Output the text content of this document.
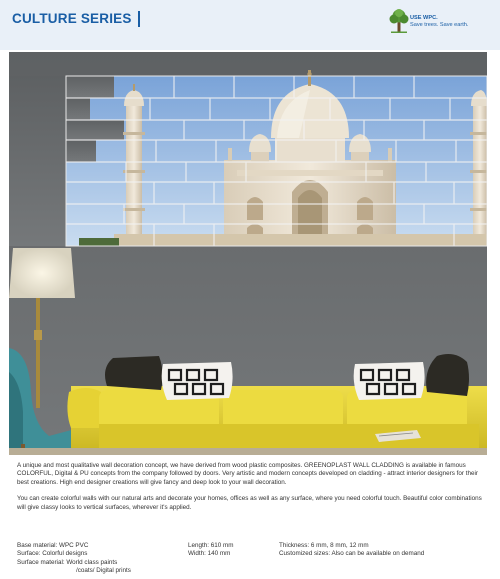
CULTURE SERIES	USE WPC.
Save trees. Save earth.

A unique and most qualitative wall decoration concept, we have derived from wood plastic composites. GREENOPLAST WALL CLADDING is available in famous COLORFUL, Digital & PU concepts from the company followed by doors. Very artistic and modern concepts developed on cladding - attract interior designers for their best creations. High end designer creations will give fancy and deep look to your wall decoration.

You can create colorful walls with our natural arts and decorate your homes, offices as well as any surface, where you need colorful touch. Beautiful color combinations will give classy looks to vertical surfaces, wherever it's applied.

Base material: WPC PVC
Surface: Colorful designs
Surface material: World class paints
/coats/ Digital prints
Length: 610 mm
Width: 140 mm
Thickness: 6 mm, 8 mm, 12 mm
Customized sizes: Also can be available on demand
